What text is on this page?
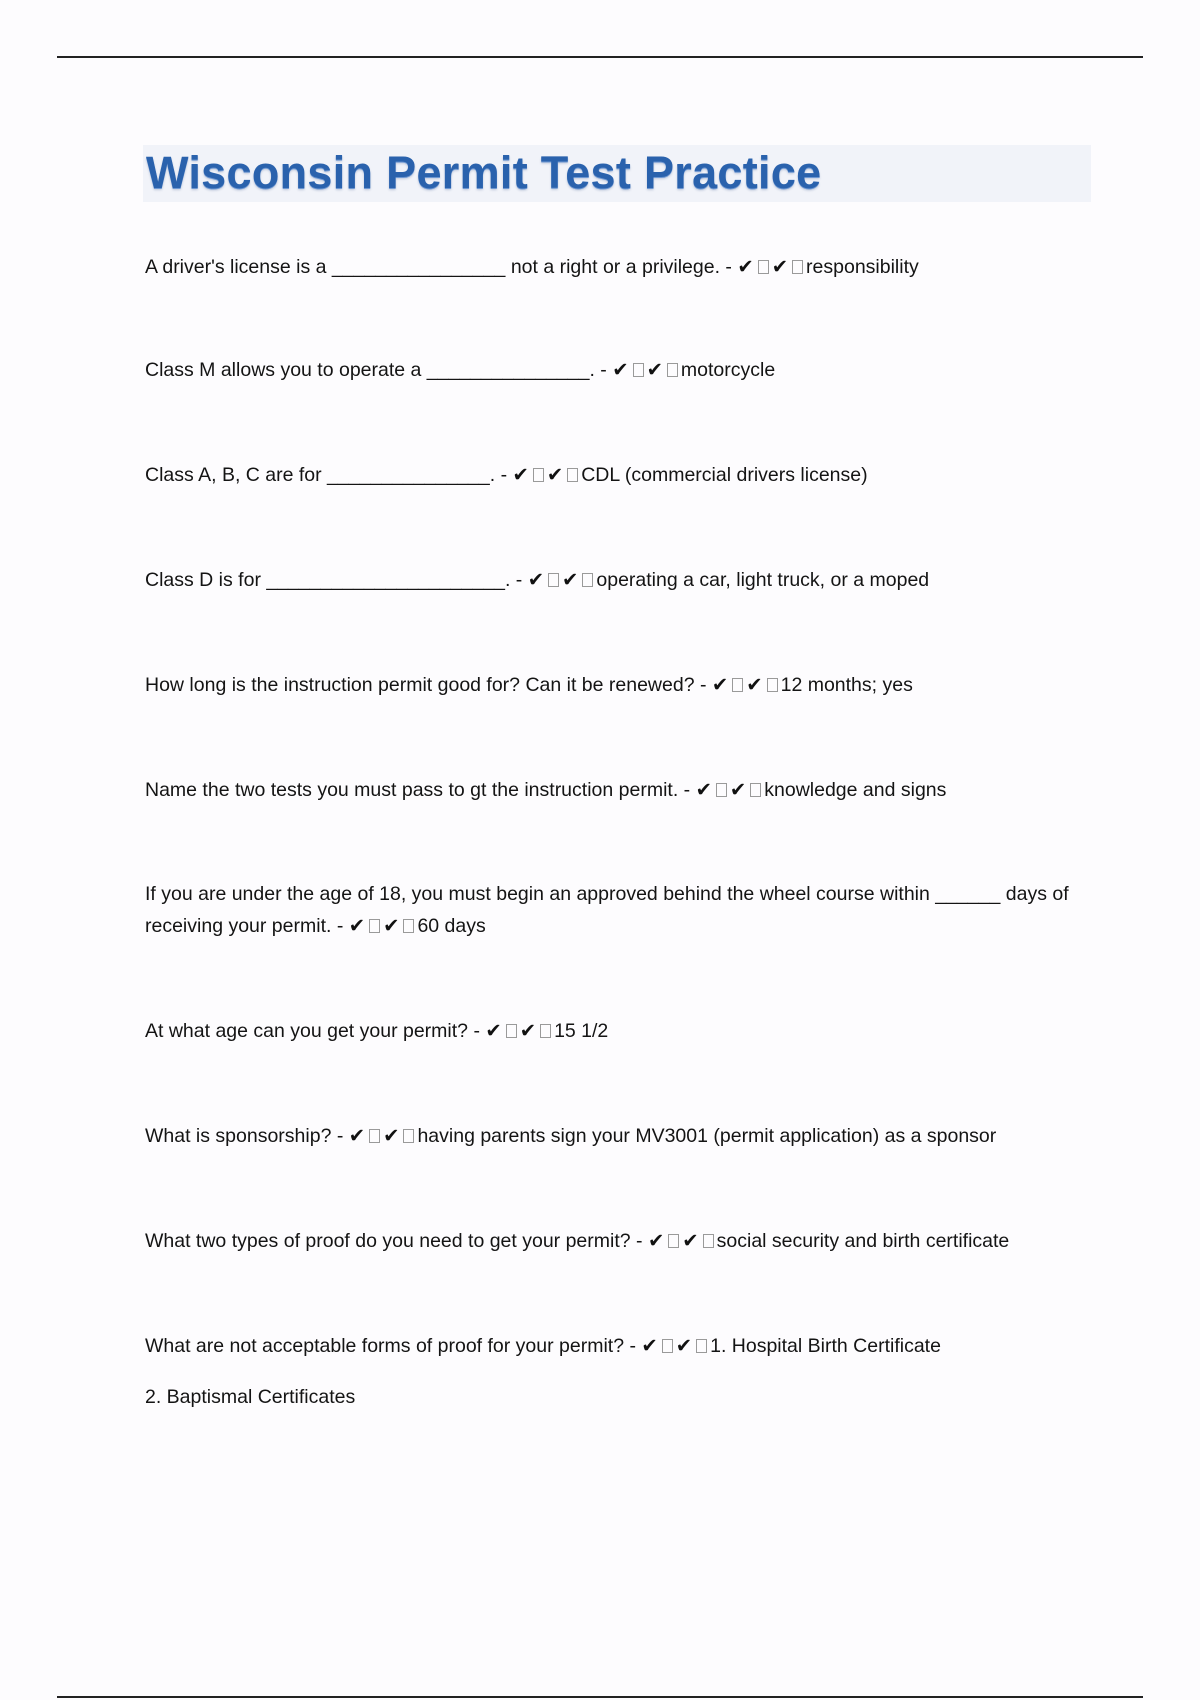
Wisconsin Permit Test Practice

A driver's license is a ________________ not a right or a privilege. - ✔ ✔ responsibility

Class M allows you to operate a _______________. - ✔ ✔ motorcycle

Class A, B, C are for _______________. - ✔ ✔ CDL (commercial drivers license)

Class D is for ______________________. - ✔ ✔ operating a car, light truck, or a moped

How long is the instruction permit good for? Can it be renewed? - ✔ ✔ 12 months; yes

Name the two tests you must pass to gt the instruction permit. - ✔ ✔ knowledge and signs

If you are under the age of 18, you must begin an approved behind the wheel course within ______ days of receiving your permit. - ✔ ✔ 60 days

At what age can you get your permit? - ✔ ✔ 15 1/2

What is sponsorship? - ✔ ✔ having parents sign your MV3001 (permit application) as a sponsor

What two types of proof do you need to get your permit? - ✔ ✔ social security and birth certificate

What are not acceptable forms of proof for your permit? - ✔ ✔ 1. Hospital Birth Certificate

2. Baptismal Certificates
